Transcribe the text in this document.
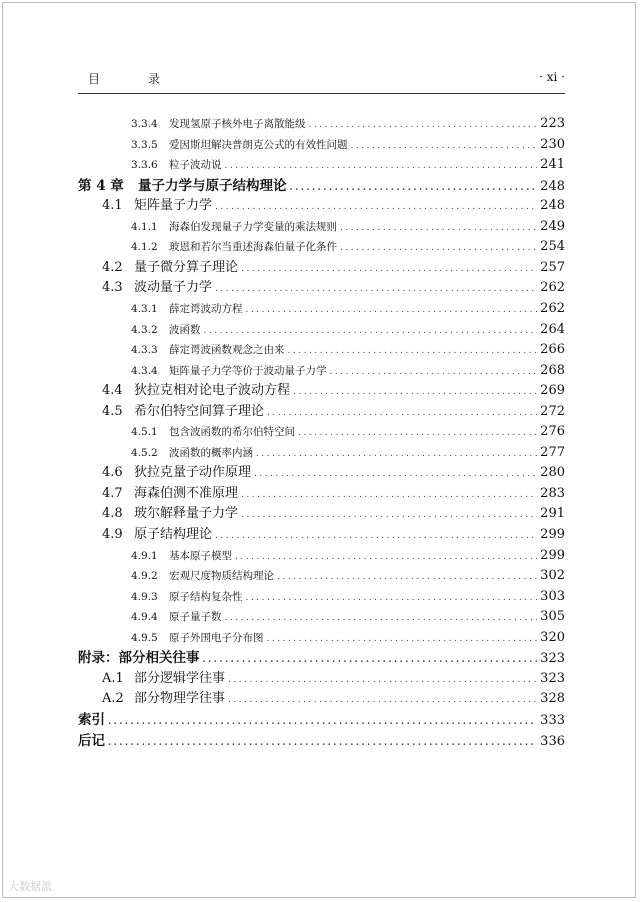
目 录	· xi ·
3.3.4	发现氢原子核外电子离散能级 .....	223
3.3.5	爱因斯坦解决普朗克公式的有效性问题 .....	230
3.3.6	粒子波动说 .....	241
第 4 章	量子力学与原子结构理论 .....	248
4.1 矩阵量子力学 .....	248
4.1.1	海森伯发现量子力学变量的乘法规则 .....	249
4.1.2	玻恩和若尔当重述海森伯量子化条件 .....	254
4.2 量子微分算子理论 .....	257
4.3 波动量子力学 .....	262
4.3.1	薛定谔波动方程 .....	262
4.3.2	波函数 .....	264
4.3.3	薛定谔波函数观念之由来 .....	266
4.3.4	矩阵量子力学等价于波动量子力学 .....	268
4.4 狄拉克相对论电子波动方程 .....	269
4.5 希尔伯特空间算子理论 .....	272
4.5.1	包含波函数的希尔伯特空间 .....	276
4.5.2	波函数的概率内涵 .....	277
4.6 狄拉克量子动作原理 .....	280
4.7 海森伯测不准原理 .....	283
4.8 玻尔解释量子力学 .....	291
4.9 原子结构理论 .....	299
4.9.1	基本原子模型 .....	299
4.9.2	宏观尺度物质结构理论 .....	302
4.9.3	原子结构复杂性 .....	303
4.9.4	原子量子数 .....	305
4.9.5	原子外围电子分布图 .....	320
附录：部分相关往事 .....	323
A.1 部分逻辑学往事 .....	323
A.2 部分物理学往事 .....	328
索引 .....	333
后记 .....	336
大数据派
